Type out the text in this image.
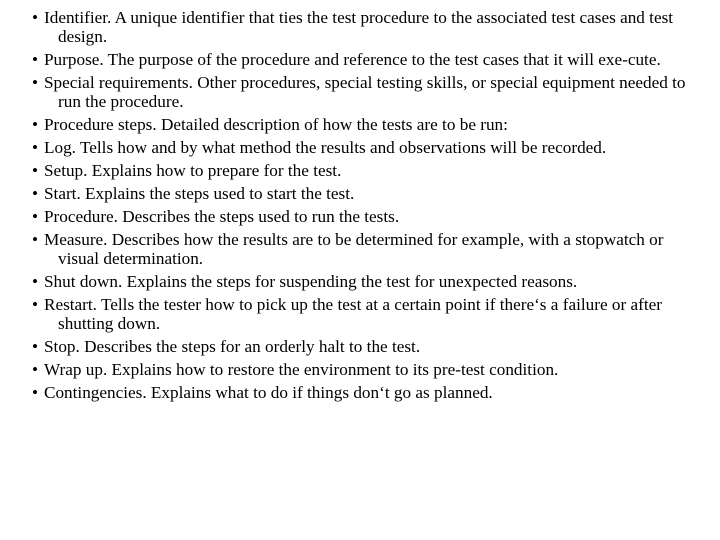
• Identifier. A unique identifier that ties the test procedure to the associated test cases and test design.
• Purpose. The purpose of the procedure and reference to the test cases that it will exe-cute.
• Special requirements. Other procedures, special testing skills, or special equipment needed to run the procedure.
• Procedure steps. Detailed description of how the tests are to be run:
• Log. Tells how and by what method the results and observations will be recorded.
• Setup. Explains how to prepare for the test.
• Start. Explains the steps used to start the test.
• Procedure. Describes the steps used to run the tests.
• Measure. Describes how the results are to be determined for example, with a stopwatch or visual determination.
• Shut down. Explains the steps for suspending the test for unexpected reasons.
• Restart. Tells the tester how to pick up the test at a certain point if there‘s a failure or after shutting down.
• Stop. Describes the steps for an orderly halt to the test.
• Wrap up. Explains how to restore the environment to its pre-test condition.
• Contingencies. Explains what to do if things don‘t go as planned.
